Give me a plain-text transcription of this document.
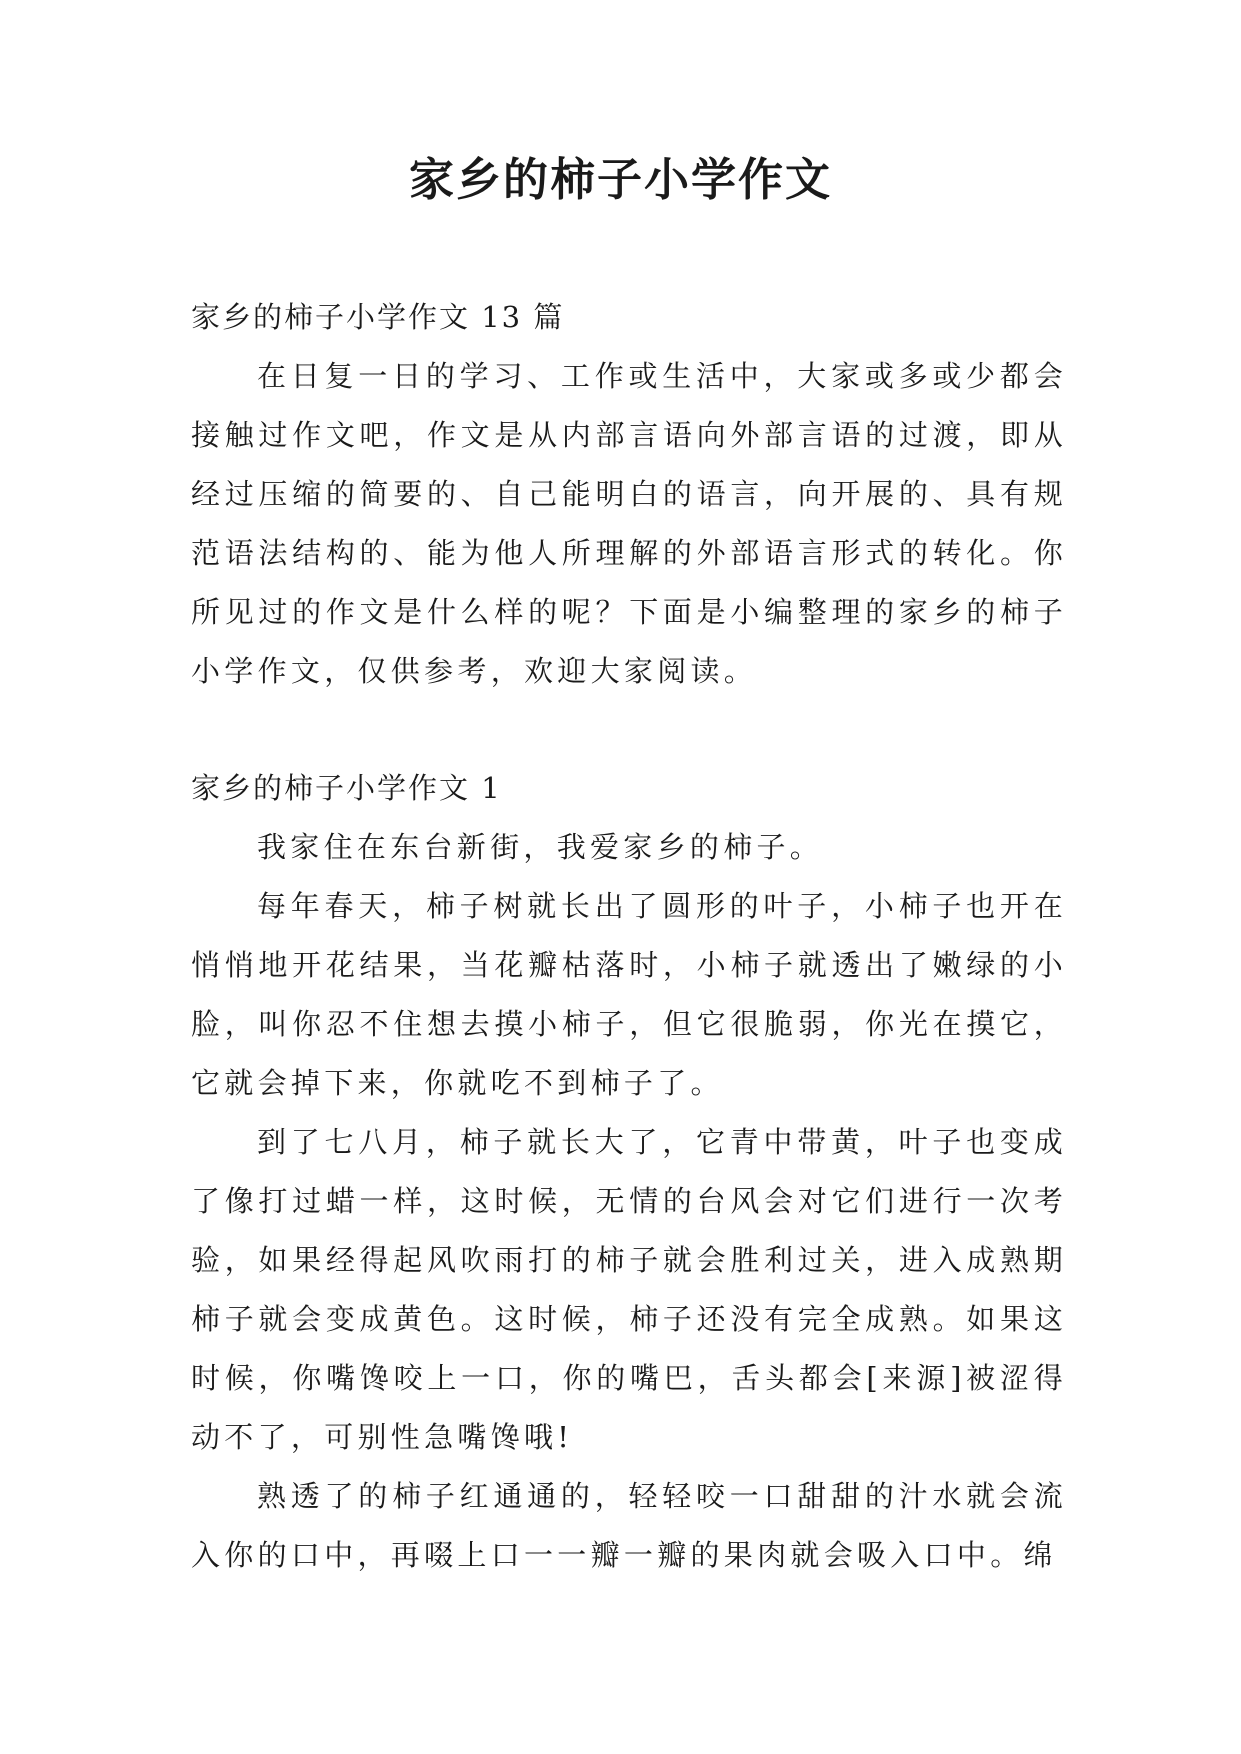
家乡的柿子小学作文

家乡的柿子小学作文 13 篇

在日复一日的学习、工作或生活中，大家或多或少都会接触过作文吧，作文是从内部言语向外部言语的过渡，即从经过压缩的简要的、自己能明白的语言，向开展的、具有规范语法结构的、能为他人所理解的外部语言形式的转化。你所见过的作文是什么样的呢？下面是小编整理的家乡的柿子小学作文，仅供参考，欢迎大家阅读。

家乡的柿子小学作文 1

我家住在东台新街，我爱家乡的柿子。

每年春天，柿子树就长出了圆形的叶子，小柿子也开在悄悄地开花结果，当花瓣枯落时，小柿子就透出了嫩绿的小脸，叫你忍不住想去摸小柿子，但它很脆弱，你光在摸它，它就会掉下来，你就吃不到柿子了。

到了七八月，柿子就长大了，它青中带黄，叶子也变成了像打过蜡一样，这时候，无情的台风会对它们进行一次考验，如果经得起风吹雨打的柿子就会胜利过关，进入成熟期柿子就会变成黄色。这时候，柿子还没有完全成熟。如果这时候，你嘴馋咬上一口，你的嘴巴，舌头都会[来源]被涩得动不了，可别性急嘴馋哦!

熟透了的柿子红通通的，轻轻咬一口甜甜的汁水就会流入你的口中，再啜上口一一瓣一瓣的果肉就会吸入口中。绵
